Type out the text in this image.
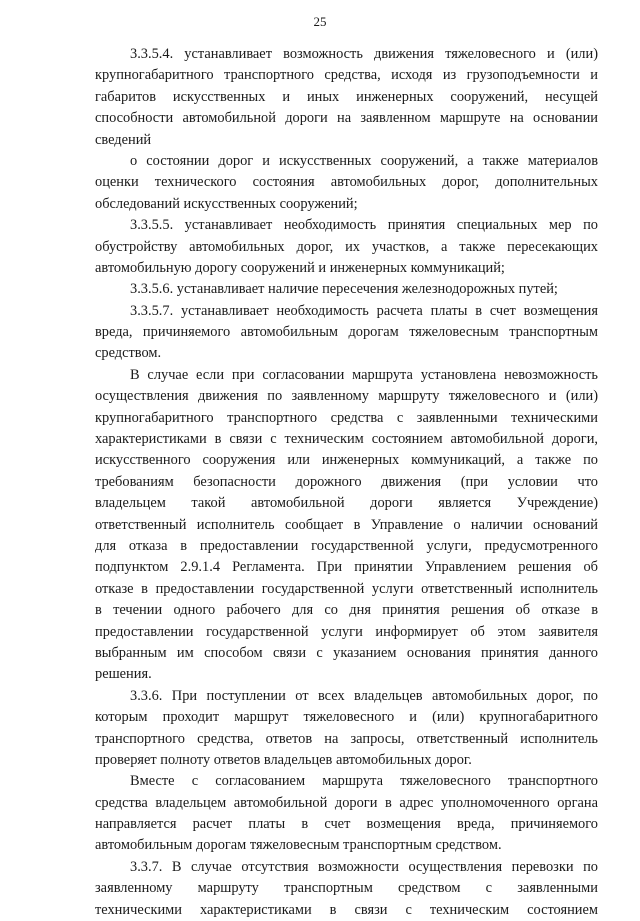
25
3.3.5.4. устанавливает возможность движения тяжеловесного и (или)
крупногабаритного транспортного средства, исходя из грузоподъемности и
габаритов искусственных и иных инженерных сооружений, несущей
способности автомобильной дороги на заявленном маршруте на основании
сведений
о состоянии дорог и искусственных сооружений, а также материалов
оценки технического состояния автомобильных дорог, дополнительных
обследований искусственных сооружений;
3.3.5.5. устанавливает необходимость принятия специальных мер по
обустройству автомобильных дорог, их участков, а также пересекающих
автомобильную дорогу сооружений и инженерных коммуникаций;
3.3.5.6. устанавливает наличие пересечения железнодорожных путей;
3.3.5.7. устанавливает необходимость расчета платы в счет возмещения
вреда, причиняемого автомобильным дорогам тяжеловесным транспортным
средством.
В случае если при согласовании маршрута установлена невозможность
осуществления движения по заявленному маршруту тяжеловесного и (или)
крупногабаритного транспортного средства с заявленными техническими
характеристиками в связи с техническим состоянием автомобильной дороги,
искусственного сооружения или инженерных коммуникаций, а также по
требованиям безопасности дорожного движения (при условии что
владельцем такой автомобильной дороги является Учреждение)
ответственный исполнитель сообщает в Управление о наличии оснований
для отказа в предоставлении государственной услуги, предусмотренного
подпунктом 2.9.1.4 Регламента. При принятии Управлением решения об
отказе в предоставлении государственной услуги ответственный исполнитель
в течении одного рабочего для со дня принятия решения об отказе в
предоставлении государственной услуги информирует об этом заявителя
выбранным им способом связи с указанием основания принятия данного
решения.
3.3.6. При поступлении от всех владельцев автомобильных дорог, по
которым проходит маршрут тяжеловесного и (или) крупногабаритного
транспортного средства, ответов на запросы, ответственный исполнитель
проверяет полноту ответов владельцев автомобильных дорог.
Вместе с согласованием маршрута тяжеловесного транспортного
средства владельцем автомобильной дороги в адрес уполномоченного органа
направляется расчет платы в счет возмещения вреда, причиняемого
автомобильным дорогам тяжеловесным транспортным средством.
3.3.7. В случае отсутствия возможности осуществления перевозки по
заявленному маршруту транспортным средством с заявленными
техническими характеристиками в связи с техническим состоянием
